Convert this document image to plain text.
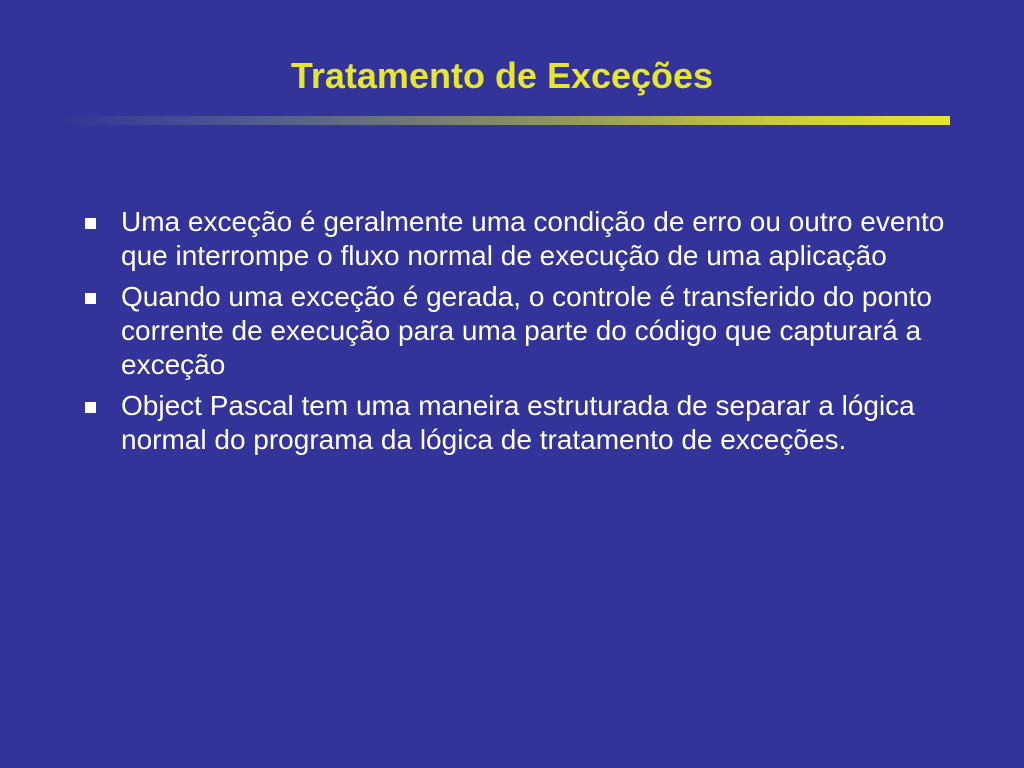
Tratamento de Exceções
Uma exceção é geralmente uma condição de erro ou outro evento que interrompe o fluxo normal de execução de uma aplicação
Quando uma exceção é gerada, o controle é transferido do ponto corrente de execução para uma parte do código que capturará a exceção
Object Pascal tem uma maneira estruturada de separar a lógica normal do programa da lógica de tratamento de exceções.
